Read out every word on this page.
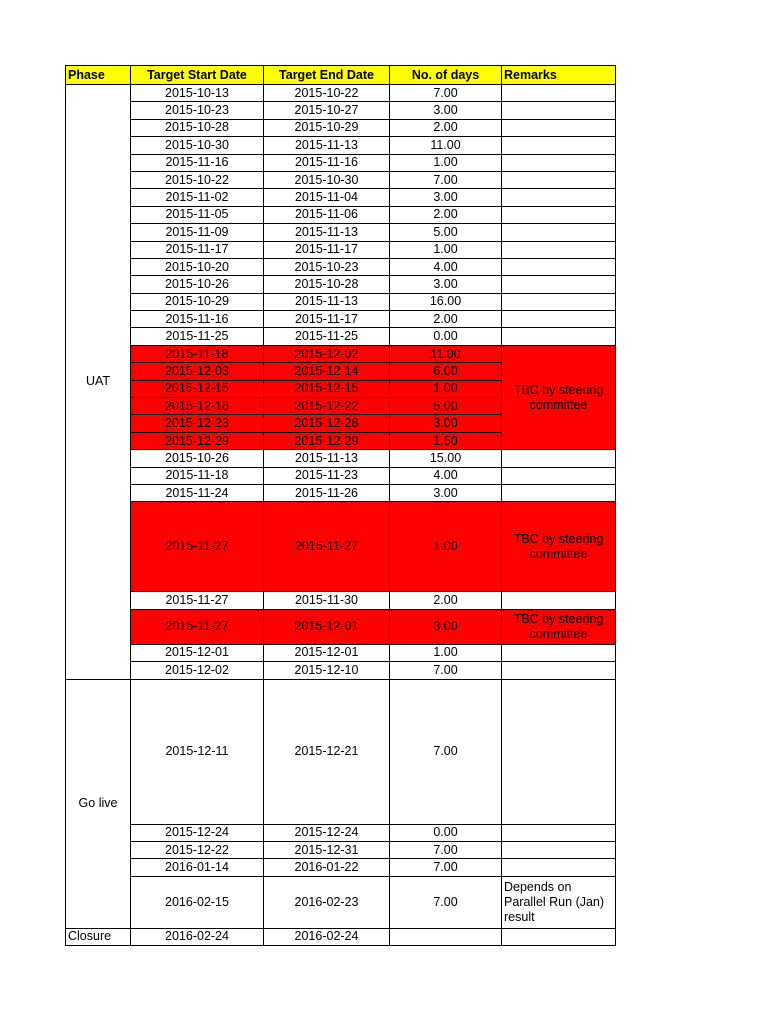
Phase	Target Start Date	Target End Date	No. of days	Remarks
UAT	2015-10-13	2015-10-22	7.00	
	2015-10-23	2015-10-27	3.00	
	2015-10-28	2015-10-29	2.00	
	2015-10-30	2015-11-13	11.00	
	2015-11-16	2015-11-16	1.00	
	2015-10-22	2015-10-30	7.00	
	2015-11-02	2015-11-04	3.00	
	2015-11-05	2015-11-06	2.00	
	2015-11-09	2015-11-13	5.00	
	2015-11-17	2015-11-17	1.00	
	2015-10-20	2015-10-23	4.00	
	2015-10-26	2015-10-28	3.00	
	2015-10-29	2015-11-13	16.00	
	2015-11-16	2015-11-17	2.00	
	2015-11-25	2015-11-25	0.00	
	2015-11-18	2015-12-02	11.00	TBC by steering committee
	2015-12-03	2015-12-14	6.00	
	2015-12-15	2015-12-15	1.00	
	2015-12-16	2015-12-22	5.00	
	2015-12-23	2015-12-28	3.00	
	2015-12-29	2015-12-29	1.50	
	2015-10-26	2015-11-13	15.00	
	2015-11-18	2015-11-23	4.00	
	2015-11-24	2015-11-26	3.00	
	2015-11-27	2015-11-27	1.00	TBC by steering committee
	2015-11-27	2015-11-30	2.00	
	2015-11-27	2015-12-01	3.00	TBC by steering committee
	2015-12-01	2015-12-01	1.00	
	2015-12-02	2015-12-10	7.00	
Go live	2015-12-11	2015-12-21	7.00	
	2015-12-24	2015-12-24	0.00	
	2015-12-22	2015-12-31	7.00	
	2016-01-14	2016-01-22	7.00	
	2016-02-15	2016-02-23	7.00	Depends on Parallel Run (Jan) result
Closure	2016-02-24	2016-02-24		
